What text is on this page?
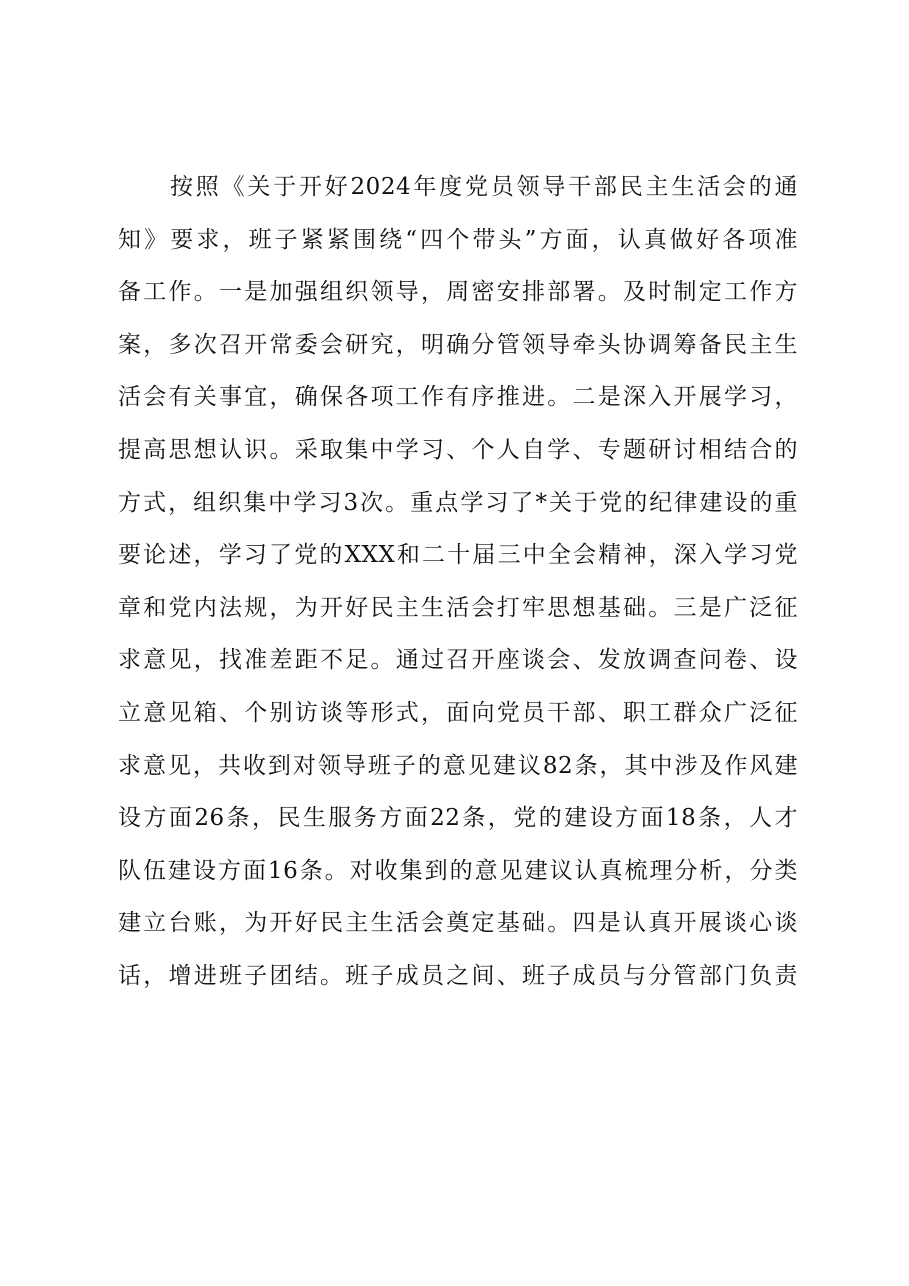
按照《关于开好2024年度党员领导干部民主生活会的通
知》要求，班子紧紧围绕“四个带头”方面，认真做好各项准
备工作。一是加强组织领导，周密安排部署。及时制定工作方
案，多次召开常委会研究，明确分管领导牵头协调筹备民主生
活会有关事宜，确保各项工作有序推进。二是深入开展学习，
提高思想认识。采取集中学习、个人自学、专题研讨相结合的
方式，组织集中学习3次。重点学习了*关于党的纪律建设的重
要论述，学习了党的XXX和二十届三中全会精神，深入学习党
章和党内法规，为开好民主生活会打牢思想基础。三是广泛征
求意见，找准差距不足。通过召开座谈会、发放调查问卷、设
立意见箱、个别访谈等形式，面向党员干部、职工群众广泛征
求意见，共收到对领导班子的意见建议82条，其中涉及作风建
设方面26条，民生服务方面22条，党的建设方面18条，人才
队伍建设方面16条。对收集到的意见建议认真梳理分析，分类
建立台账，为开好民主生活会奠定基础。四是认真开展谈心谈
话，增进班子团结。班子成员之间、班子成员与分管部门负责
